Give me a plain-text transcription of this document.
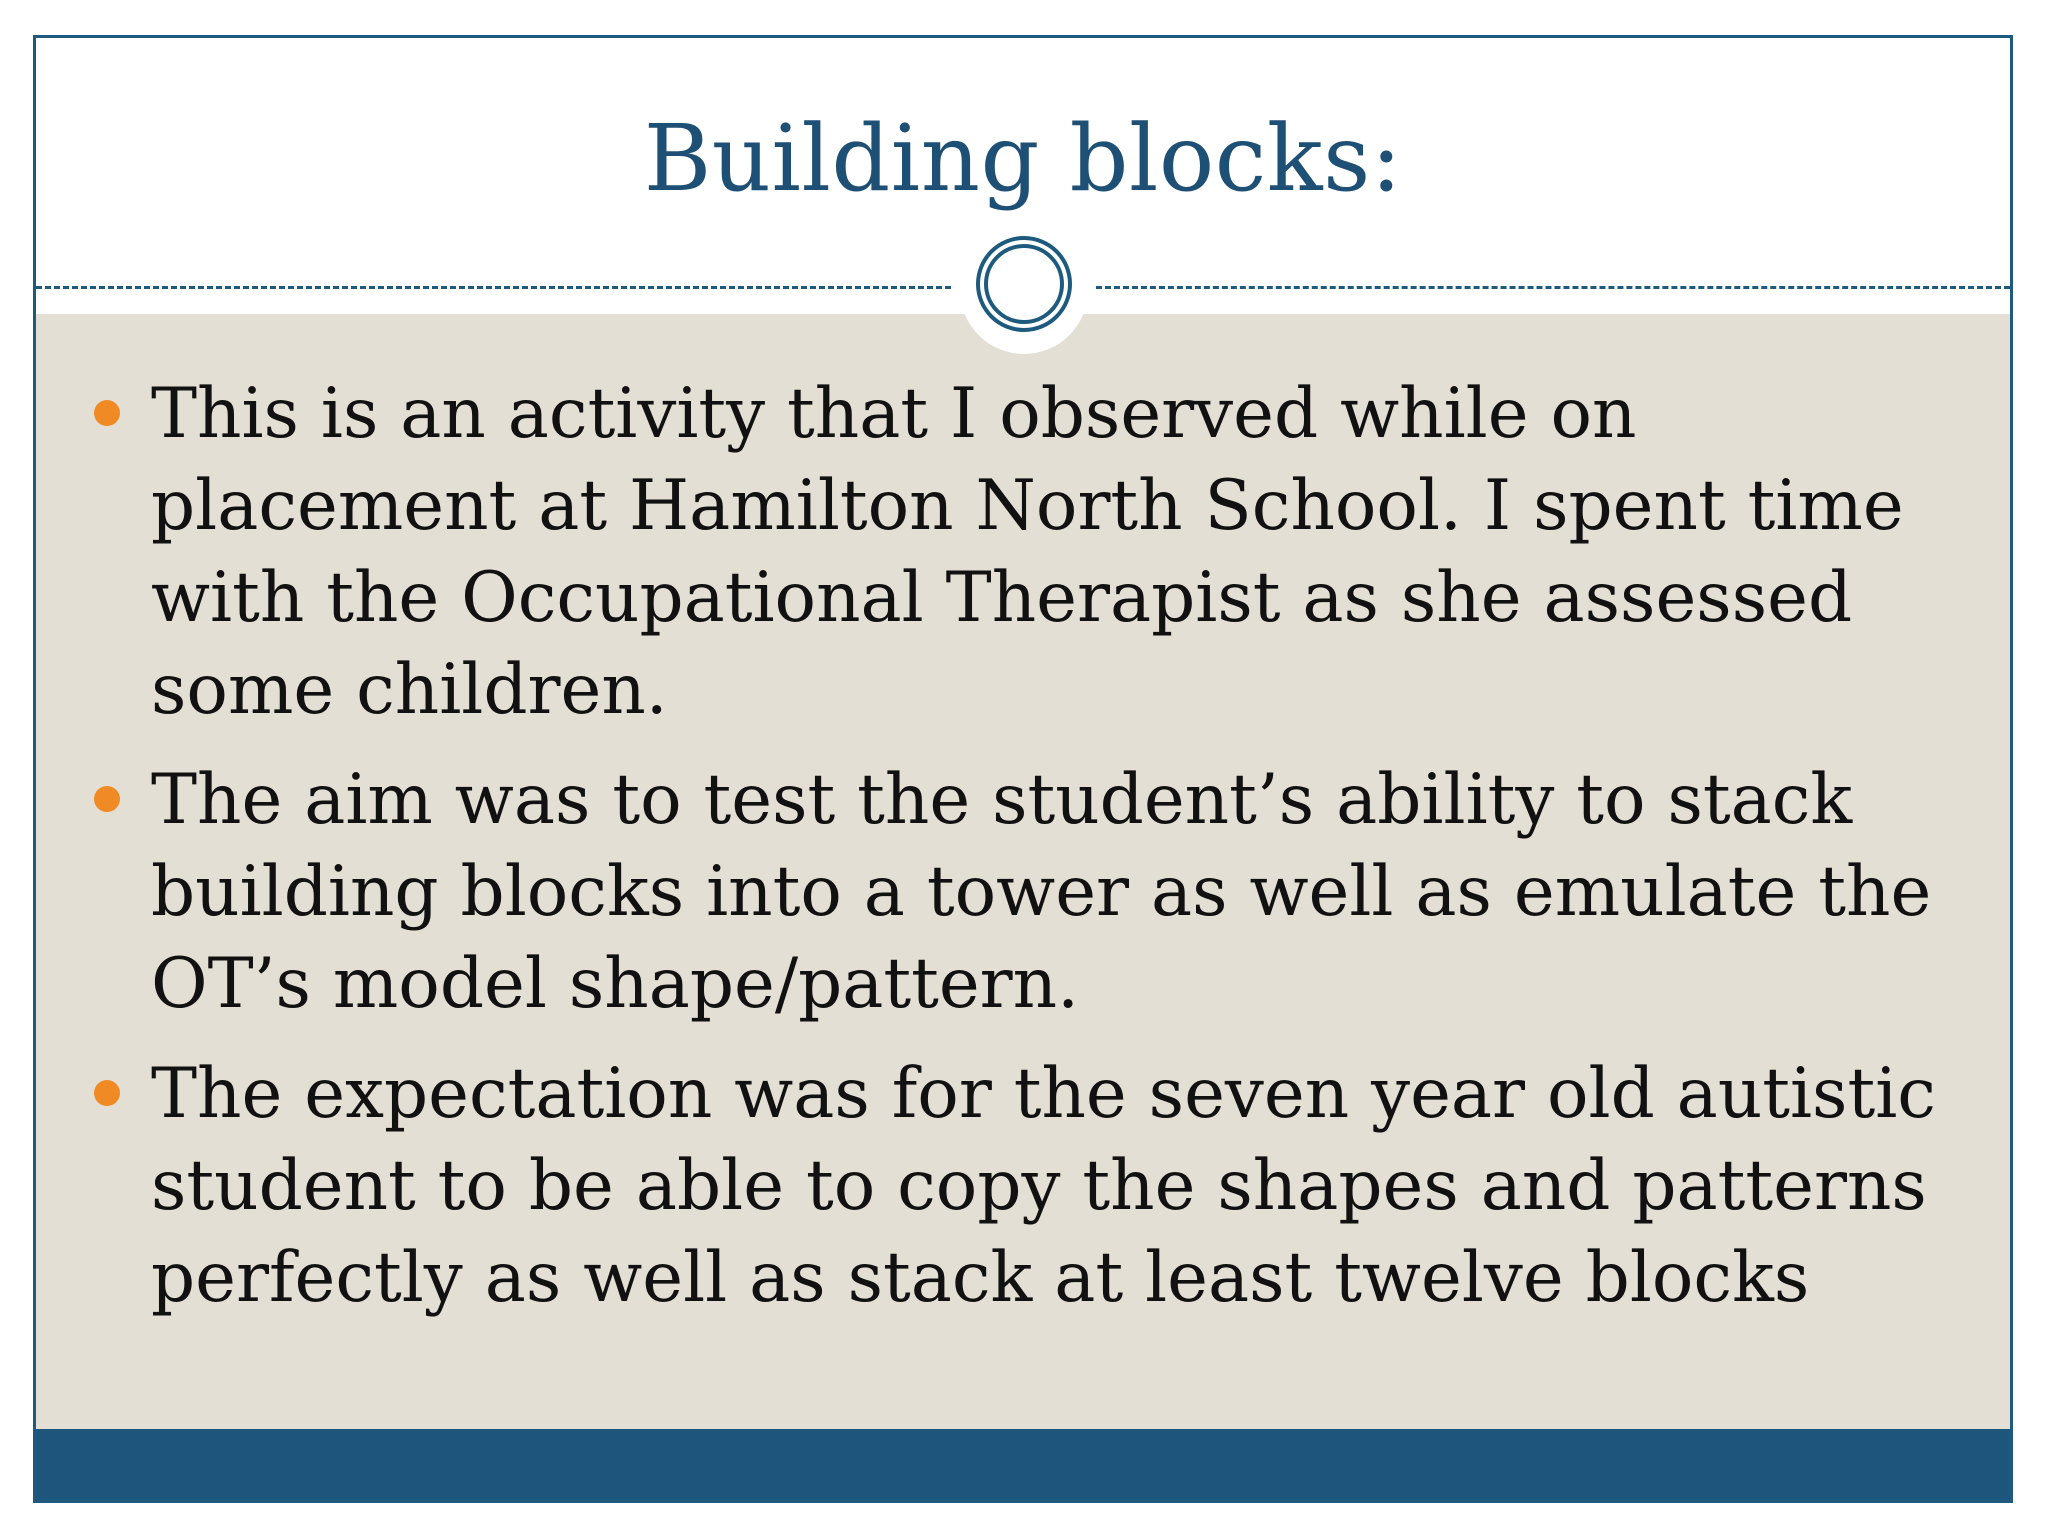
Building blocks:
This is an activity that I observed while on placement at Hamilton North School. I spent time with the Occupational Therapist as she assessed some children.
The aim was to test the student’s ability to stack building blocks into a tower as well as emulate the OT’s model shape/pattern.
The expectation was for the seven year old autistic student to be able to copy the shapes and patterns perfectly as well as stack at least twelve blocks
